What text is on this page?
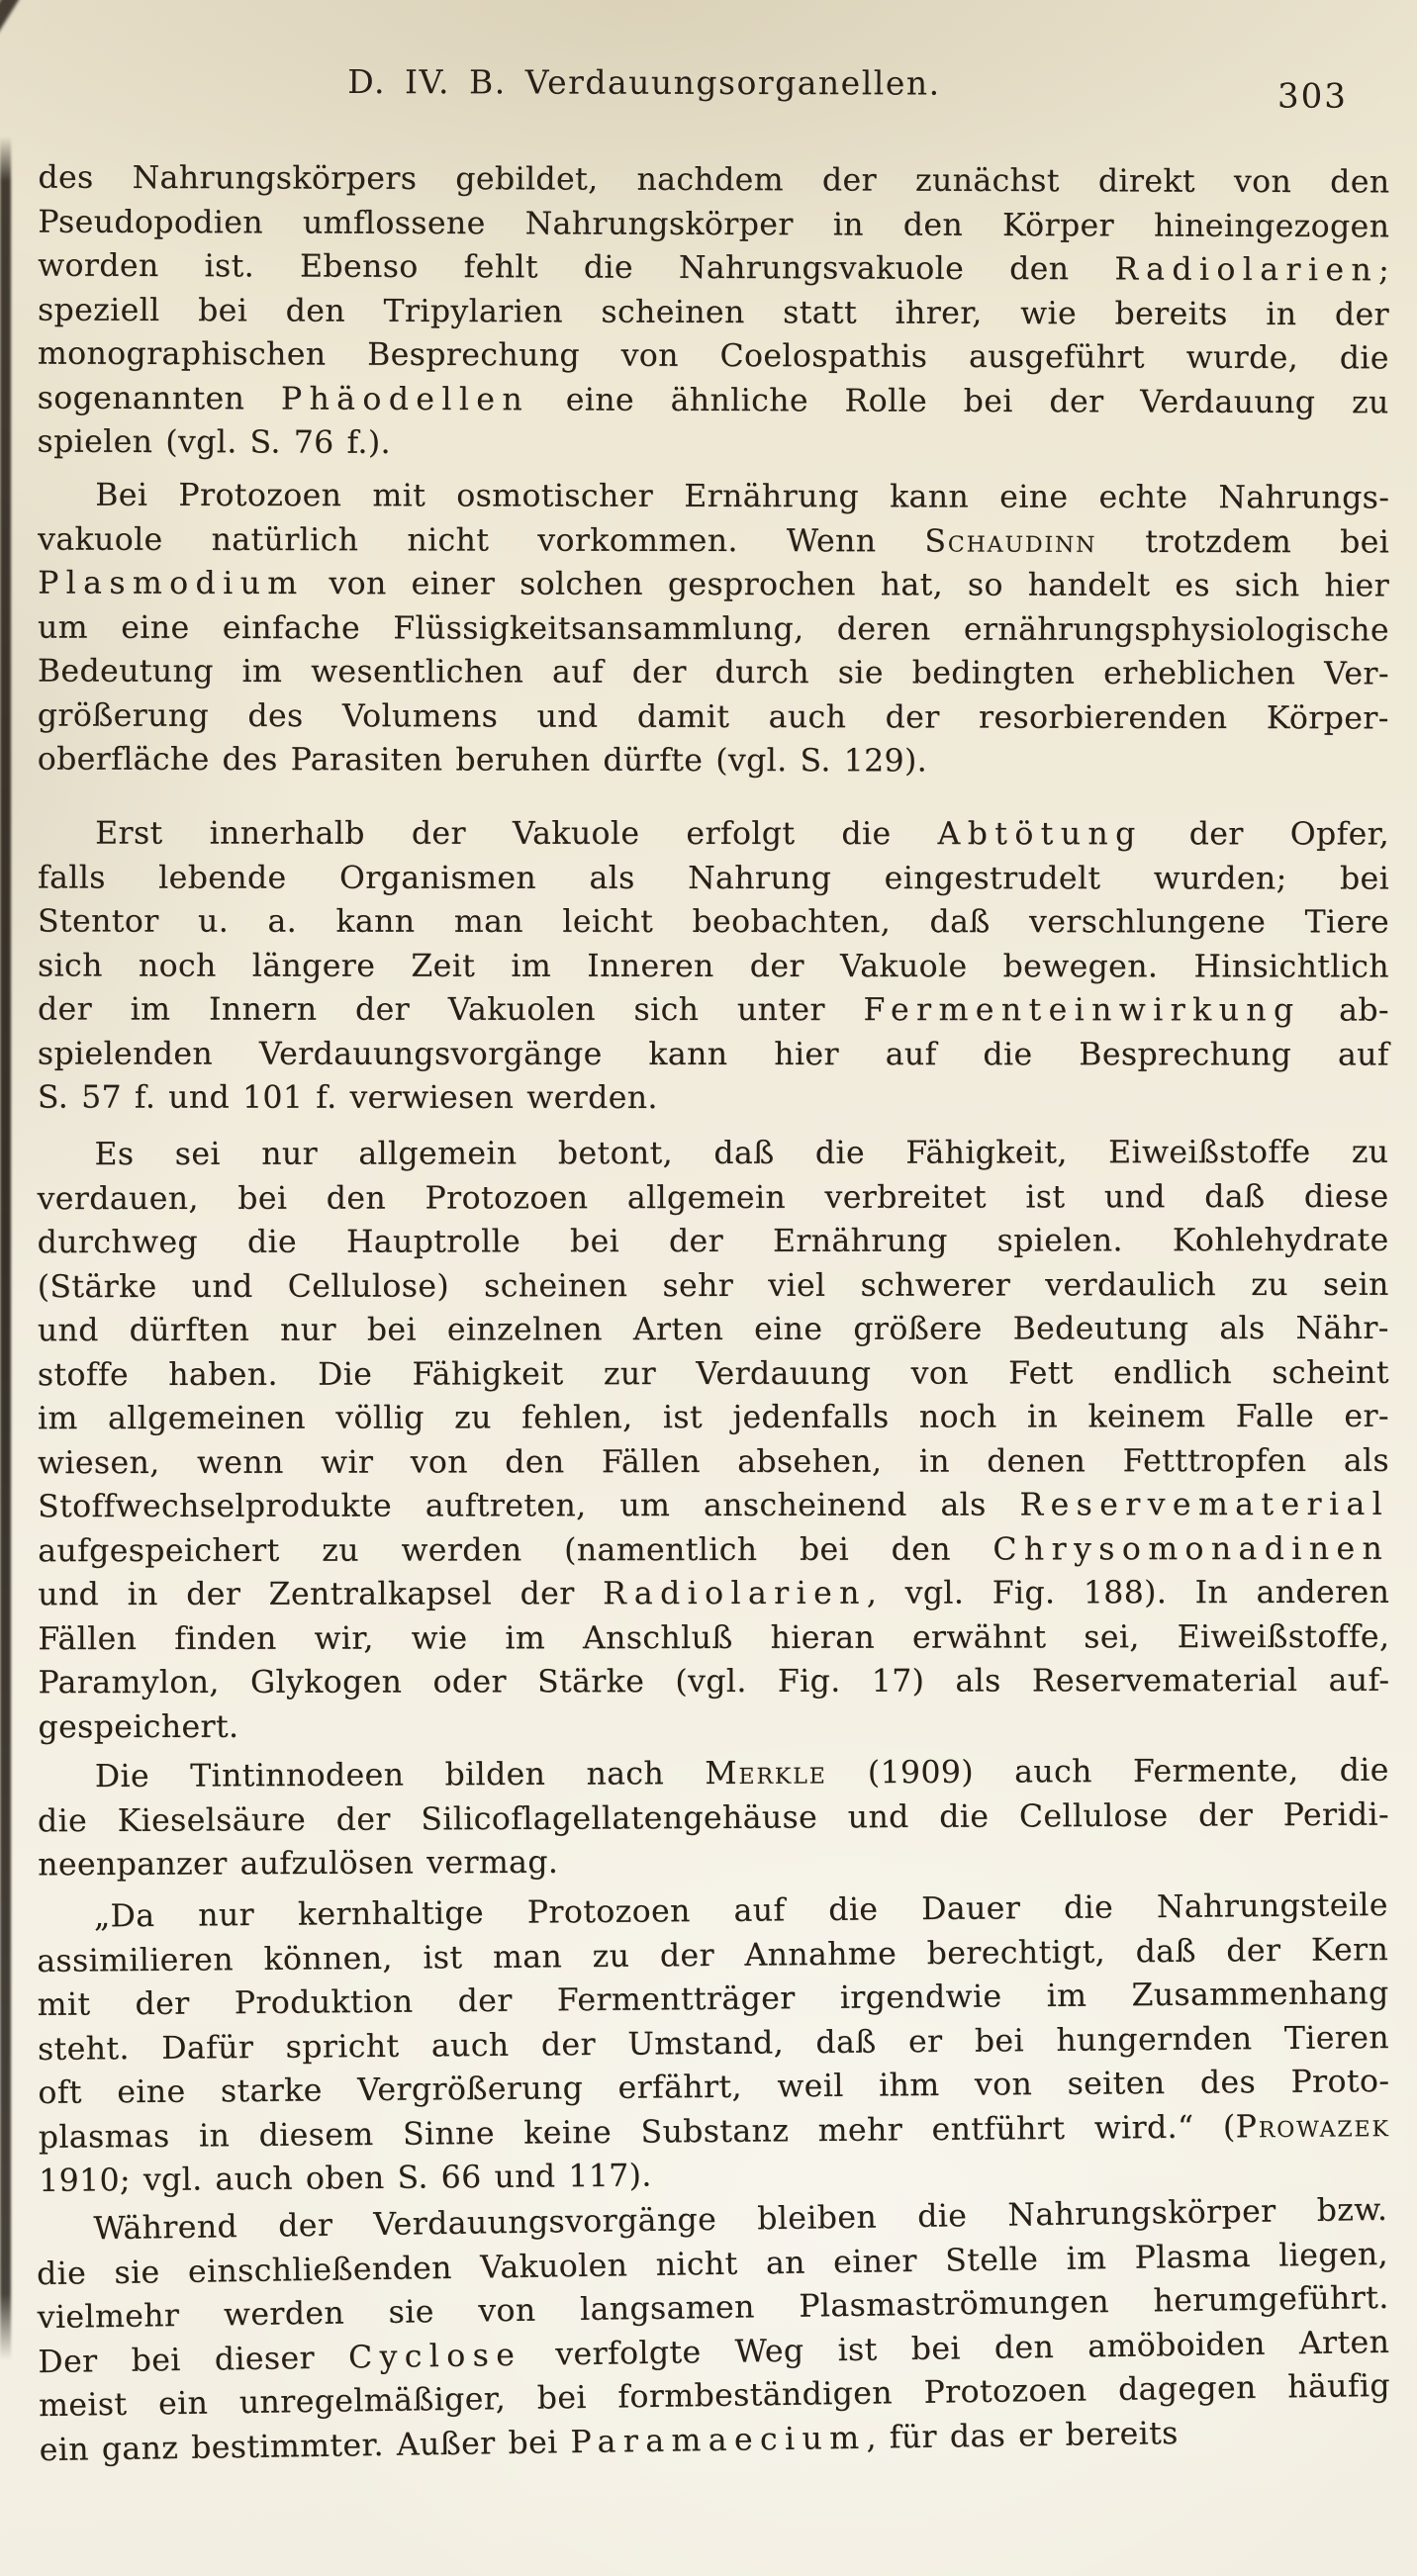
D. IV. B. Verdauungsorganellen.	303
des Nahrungskörpers gebildet, nachdem der zunächst direkt von den
Pseudopodien umflossene Nahrungskörper in den Körper hineingezogen
worden ist. Ebenso fehlt die Nahrungsvakuole den Radiolarien;
speziell bei den Tripylarien scheinen statt ihrer, wie bereits in der
monographischen Besprechung von Coelospathis ausgeführt wurde, die
sogenannten Phäodellen eine ähnliche Rolle bei der Verdauung zu
spielen (vgl. S. 76 f.).
Bei Protozoen mit osmotischer Ernährung kann eine echte Nahrungs-
vakuole natürlich nicht vorkommen. Wenn Schaudinn trotzdem bei
Plasmodium von einer solchen gesprochen hat, so handelt es sich hier
um eine einfache Flüssigkeitsansammlung, deren ernährungsphysiologische
Bedeutung im wesentlichen auf der durch sie bedingten erheblichen Ver-
größerung des Volumens und damit auch der resorbierenden Körper-
oberfläche des Parasiten beruhen dürfte (vgl. S. 129).
Erst innerhalb der Vakuole erfolgt die Abtötung der Opfer,
falls lebende Organismen als Nahrung eingestrudelt wurden; bei
Stentor u. a. kann man leicht beobachten, daß verschlungene Tiere
sich noch längere Zeit im Inneren der Vakuole bewegen. Hinsichtlich
der im Innern der Vakuolen sich unter Fermenteinwirkung ab-
spielenden Verdauungsvorgänge kann hier auf die Besprechung auf
S. 57 f. und 101 f. verwiesen werden.
Es sei nur allgemein betont, daß die Fähigkeit, Eiweißstoffe zu
verdauen, bei den Protozoen allgemein verbreitet ist und daß diese
durchweg die Hauptrolle bei der Ernährung spielen. Kohlehydrate
(Stärke und Cellulose) scheinen sehr viel schwerer verdaulich zu sein
und dürften nur bei einzelnen Arten eine größere Bedeutung als Nähr-
stoffe haben. Die Fähigkeit zur Verdauung von Fett endlich scheint
im allgemeinen völlig zu fehlen, ist jedenfalls noch in keinem Falle er-
wiesen, wenn wir von den Fällen absehen, in denen Fetttropfen als
Stoffwechselprodukte auftreten, um anscheinend als Reservematerial
aufgespeichert zu werden (namentlich bei den Chrysomonadinen
und in der Zentralkapsel der Radiolarien, vgl. Fig. 188). In anderen
Fällen finden wir, wie im Anschluß hieran erwähnt sei, Eiweißstoffe,
Paramylon, Glykogen oder Stärke (vgl. Fig. 17) als Reservematerial auf-
gespeichert.
Die Tintinnodeen bilden nach Merkle (1909) auch Fermente, die
die Kieselsäure der Silicoflagellatengehäuse und die Cellulose der Peridi-
neenpanzer aufzulösen vermag.
„Da nur kernhaltige Protozoen auf die Dauer die Nahrungsteile
assimilieren können, ist man zu der Annahme berechtigt, daß der Kern
mit der Produktion der Fermentträger irgendwie im Zusammenhang
steht. Dafür spricht auch der Umstand, daß er bei hungernden Tieren
oft eine starke Vergrößerung erfährt, weil ihm von seiten des Proto-
plasmas in diesem Sinne keine Substanz mehr entführt wird.“ (Prowazek
1910; vgl. auch oben S. 66 und 117).
Während der Verdauungsvorgänge bleiben die Nahrungskörper bzw.
die sie einschließenden Vakuolen nicht an einer Stelle im Plasma liegen,
vielmehr werden sie von langsamen Plasmaströmungen herumgeführt.
Der bei dieser Cyclose verfolgte Weg ist bei den amöboiden Arten
meist ein unregelmäßiger, bei formbeständigen Protozoen dagegen häufig
ein ganz bestimmter. Außer bei Paramaecium, für das er bereits
